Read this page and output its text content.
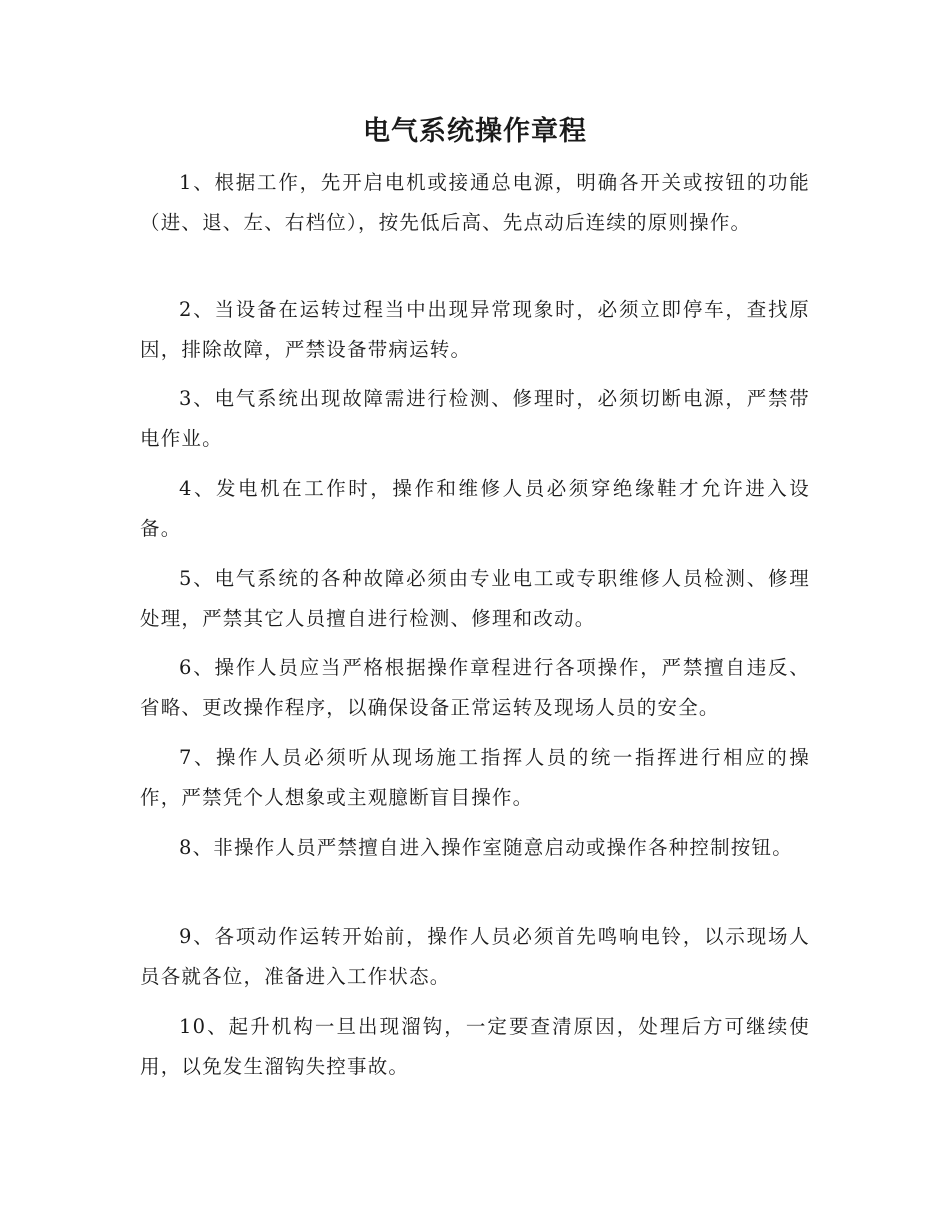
电气系统操作章程

1、根据工作，先开启电机或接通总电源，明确各开关或按钮的功能（进、退、左、右档位），按先低后高、先点动后连续的原则操作。

2、当设备在运转过程当中出现异常现象时，必须立即停车，查找原因，排除故障，严禁设备带病运转。

3、电气系统出现故障需进行检测、修理时，必须切断电源，严禁带电作业。

4、发电机在工作时，操作和维修人员必须穿绝缘鞋才允许进入设备。

5、电气系统的各种故障必须由专业电工或专职维修人员检测、修理处理，严禁其它人员擅自进行检测、修理和改动。

6、操作人员应当严格根据操作章程进行各项操作，严禁擅自违反、省略、更改操作程序，以确保设备正常运转及现场人员的安全。

7、操作人员必须听从现场施工指挥人员的统一指挥进行相应的操作，严禁凭个人想象或主观臆断盲目操作。

8、非操作人员严禁擅自进入操作室随意启动或操作各种控制按钮。

9、各项动作运转开始前，操作人员必须首先鸣响电铃，以示现场人员各就各位，准备进入工作状态。

10、起升机构一旦出现溜钩，一定要查清原因，处理后方可继续使用，以免发生溜钩失控事故。
